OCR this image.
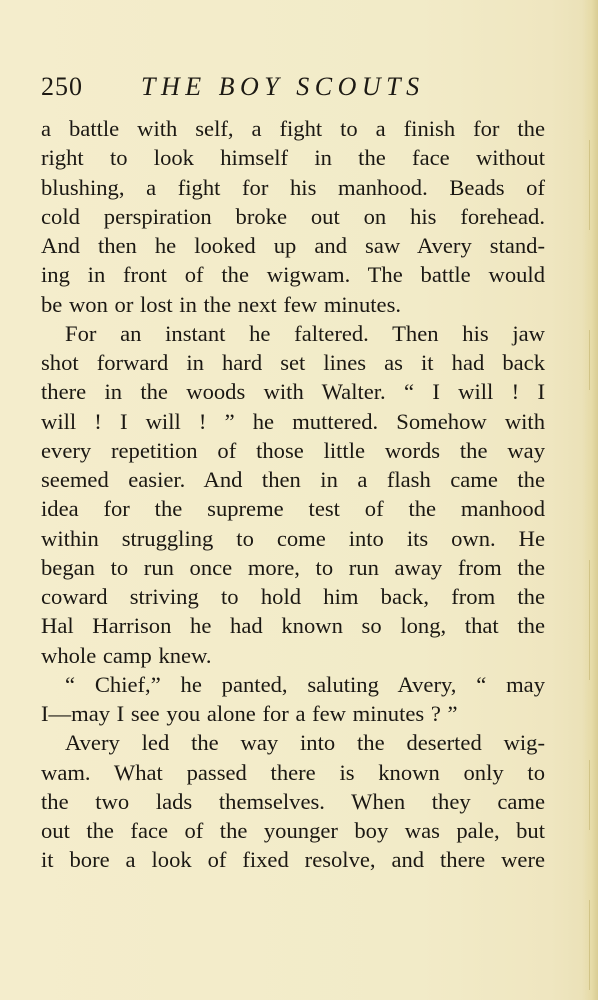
250 THE BOY SCOUTS
a battle with self, a fight to a finish for the
right to look himself in the face without
blushing, a fight for his manhood. Beads of
cold perspiration broke out on his forehead.
And then he looked up and saw Avery stand-
ing in front of the wigwam. The battle would
be won or lost in the next few minutes.
For an instant he faltered. Then his jaw
shot forward in hard set lines as it had back
there in the woods with Walter. “ I will ! I
will ! I will ! ” he muttered. Somehow with
every repetition of those little words the way
seemed easier. And then in a flash came the
idea for the supreme test of the manhood
within struggling to come into its own. He
began to run once more, to run away from the
coward striving to hold him back, from the
Hal Harrison he had known so long, that the
whole camp knew.
“ Chief,” he panted, saluting Avery, “ may
I—may I see you alone for a few minutes ? ”
Avery led the way into the deserted wig-
wam. What passed there is known only to
the two lads themselves. When they came
out the face of the younger boy was pale, but
it bore a look of fixed resolve, and there were
